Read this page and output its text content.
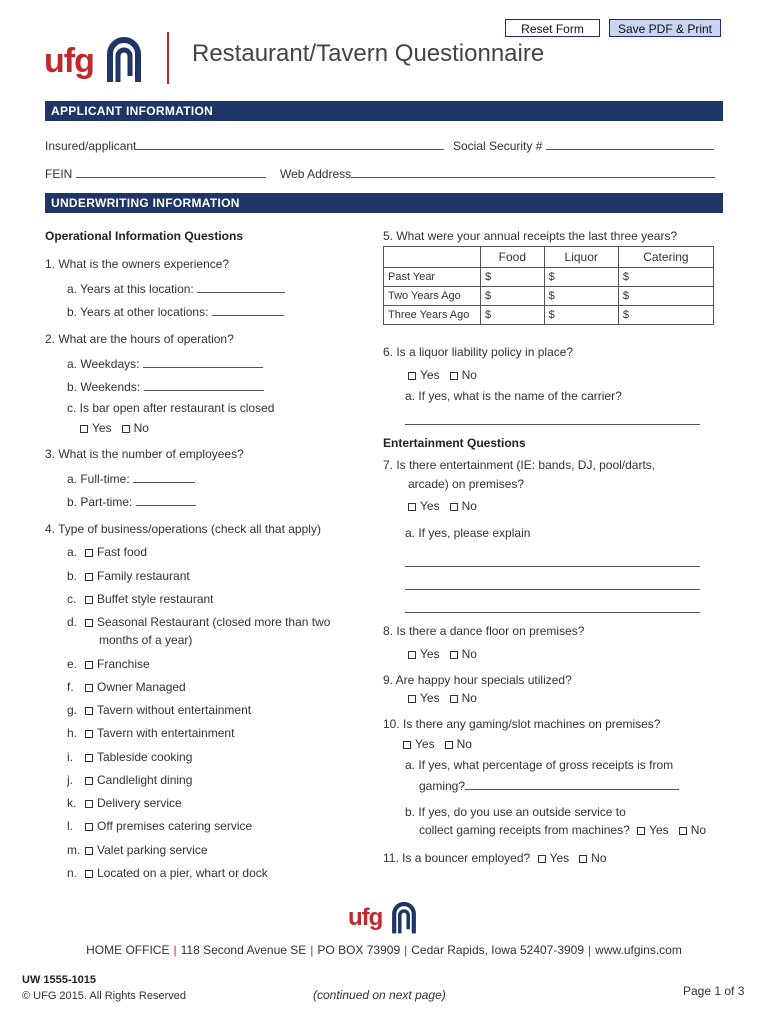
Reset Form	Save PDF & Print
ufg	Restaurant/Tavern Questionnaire
APPLICANT INFORMATION
Insured/applicant	Social Security #
FEIN	Web Address
UNDERWRITING INFORMATION
Operational Information Questions
1. What is the owners experience?
a. Years at this location:
b. Years at other locations:
2. What are the hours of operation?
a. Weekdays:
b. Weekends:
c. Is bar open after restaurant is closed
Yes No
3. What is the number of employees?
a. Full-time:
b. Part-time:
4. Type of business/operations (check all that apply)
a. Fast food
b. Family restaurant
c. Buffet style restaurant
d. Seasonal Restaurant (closed more than two
months of a year)
e. Franchise
f. Owner Managed
g. Tavern without entertainment
h. Tavern with entertainment
i. Tableside cooking
j. Candlelight dining
k. Delivery service
l. Off premises catering service
m. Valet parking service
n. Located on a pier, whart or dock
5. What were your annual receipts the last three years?
	Food	Liquor	Catering
Past Year	$	$	$
Two Years Ago	$	$	$
Three Years Ago	$	$	$
6. Is a liquor liability policy in place?
Yes No
a. If yes, what is the name of the carrier?
Entertainment Questions
7. Is there entertainment (IE: bands, DJ, pool/darts,
arcade) on premises?
Yes No
a. If yes, please explain
8. Is there a dance floor on premises?
Yes No
9. Are happy hour specials utilized?
Yes No
10. Is there any gaming/slot machines on premises?
Yes No
a. If yes, what percentage of gross receipts is from
gaming?
b. If yes, do you use an outside service to
collect gaming receipts from machines? Yes No
11. Is a bouncer employed? Yes No
ufg
HOME OFFICE | 118 Second Avenue SE | PO BOX 73909 | Cedar Rapids, Iowa 52407-3909 | www.ufgins.com
UW 1555-1015
© UFG 2015. All Rights Reserved	(continued on next page)	Page 1 of 3
